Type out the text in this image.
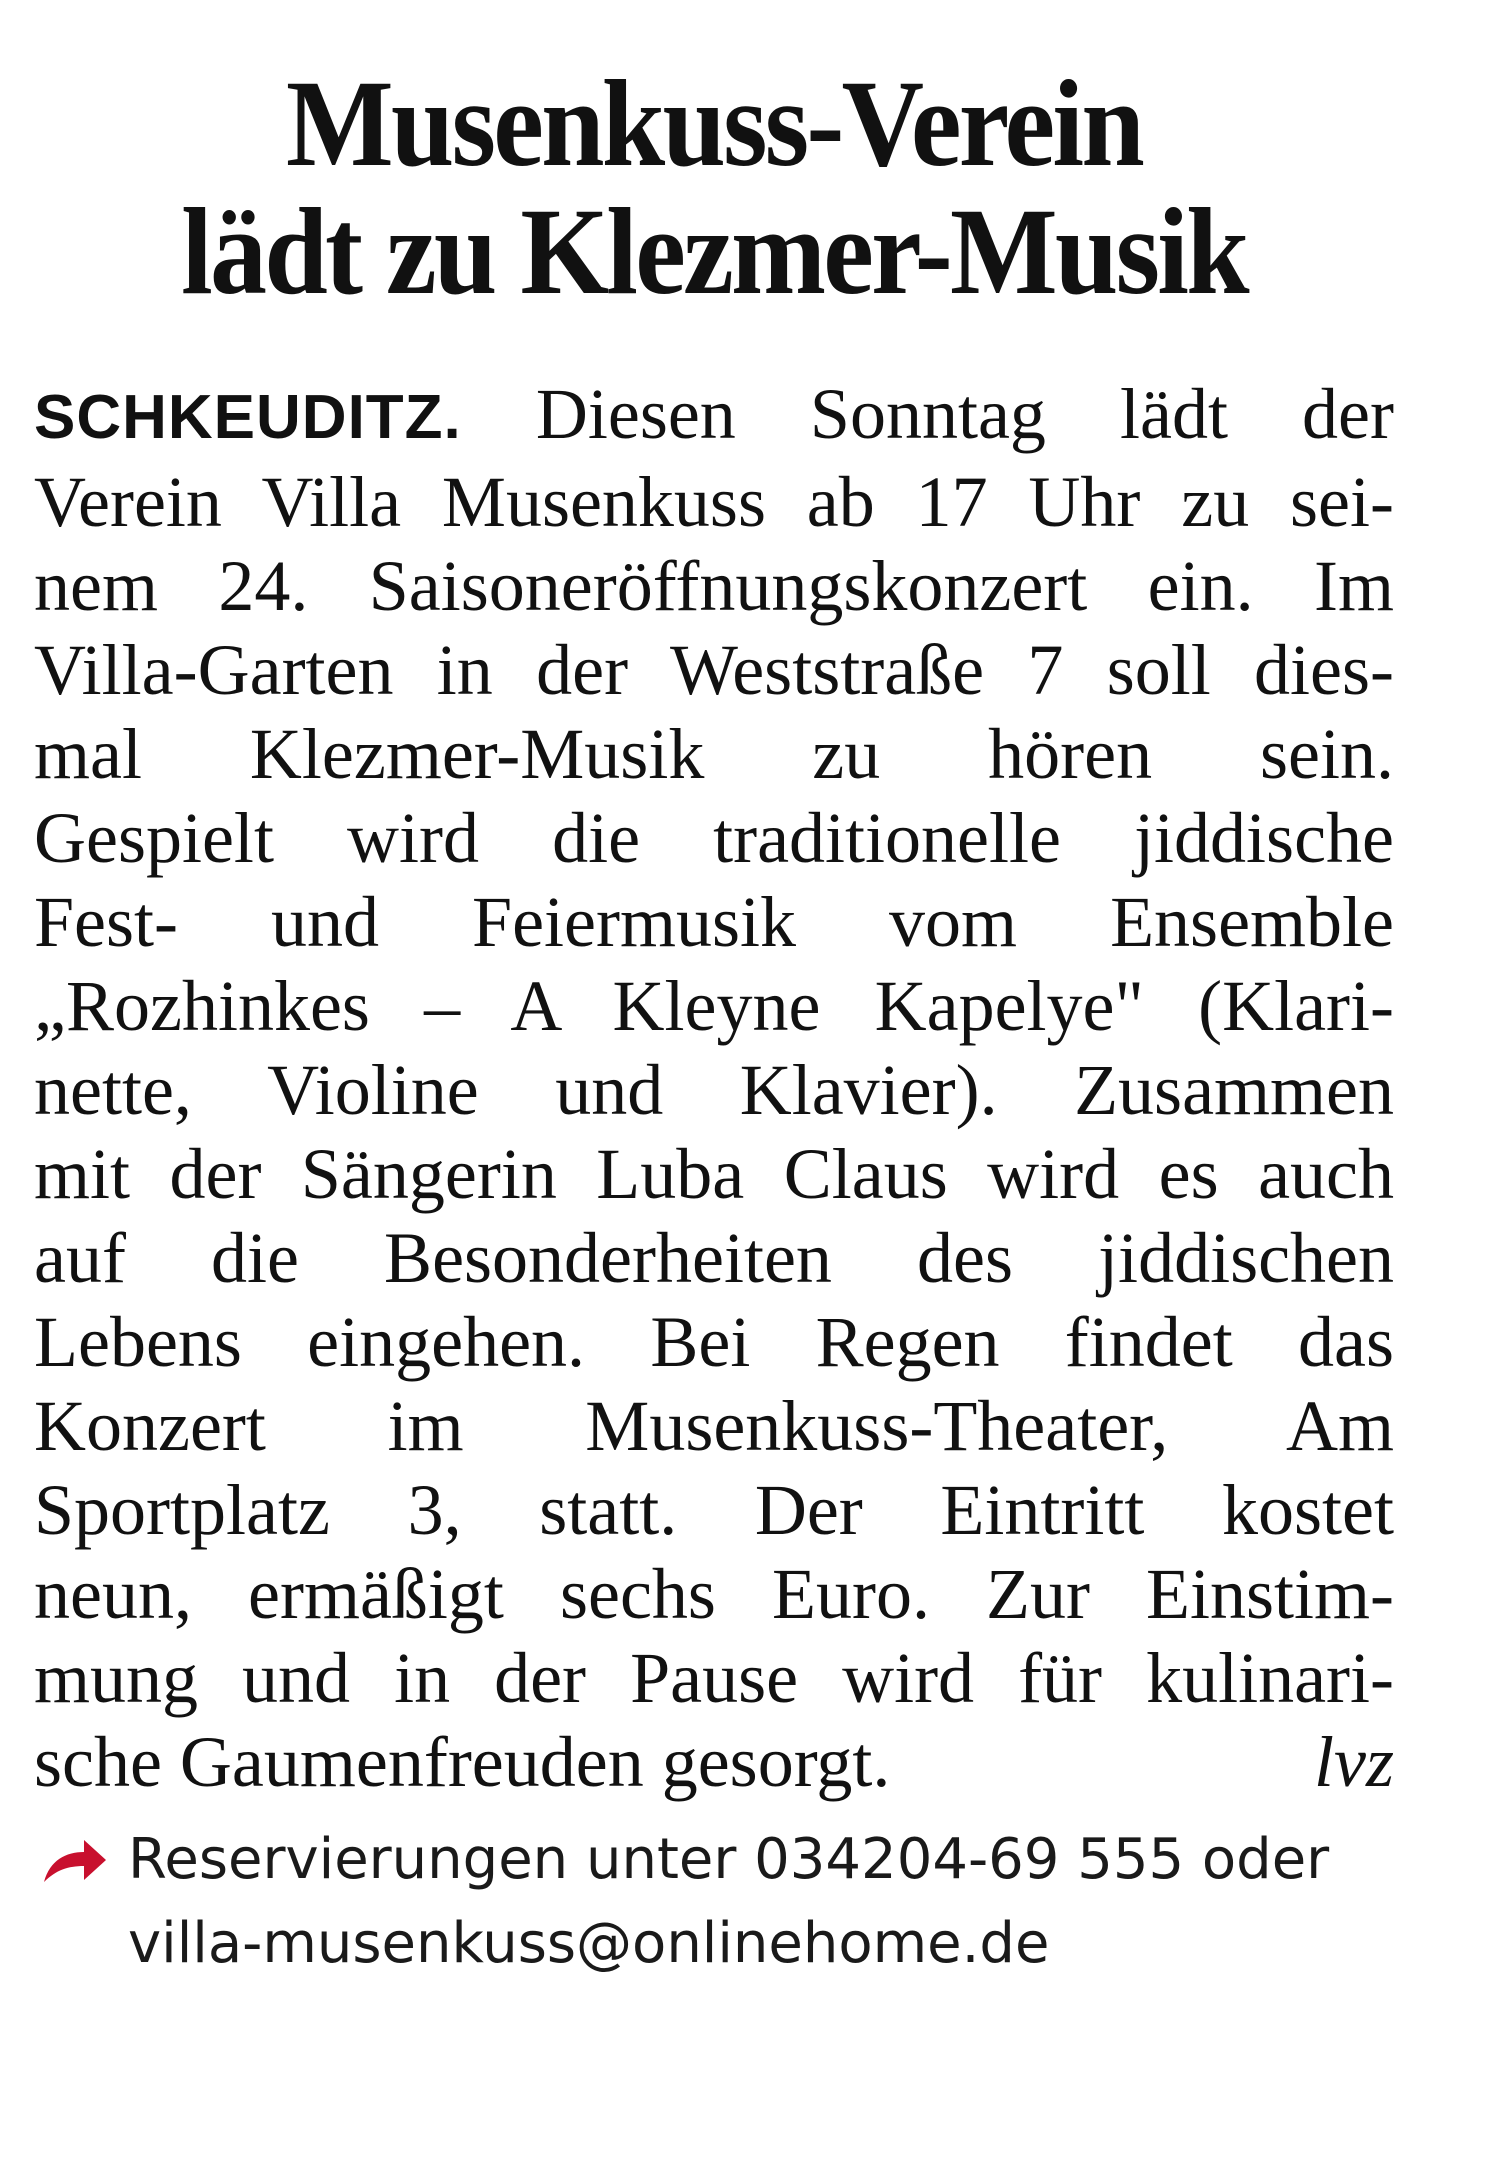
Musenkuss-Verein
lädt zu Klezmer-Musik
SCHKEUDITZ. Diesen Sonntag lädt der
Verein Villa Musenkuss ab 17 Uhr zu sei-
nem 24. Saisoneröffnungskonzert ein. Im
Villa-Garten in der Weststraße 7 soll dies-
mal Klezmer-Musik zu hören sein.
Gespielt wird die traditionelle jiddische
Fest- und Feiermusik vom Ensemble
„Rozhinkes – A Kleyne Kapelye" (Klari-
nette, Violine und Klavier). Zusammen
mit der Sängerin Luba Claus wird es auch
auf die Besonderheiten des jiddischen
Lebens eingehen. Bei Regen findet das
Konzert im Musenkuss-Theater, Am
Sportplatz 3, statt. Der Eintritt kostet
neun, ermäßigt sechs Euro. Zur Einstim-
mung und in der Pause wird für kulinari-
sche Gaumenfreuden gesorgt.	lvz
Reservierungen unter 034204-69 555 oder
villa-musenkuss@onlinehome.de
